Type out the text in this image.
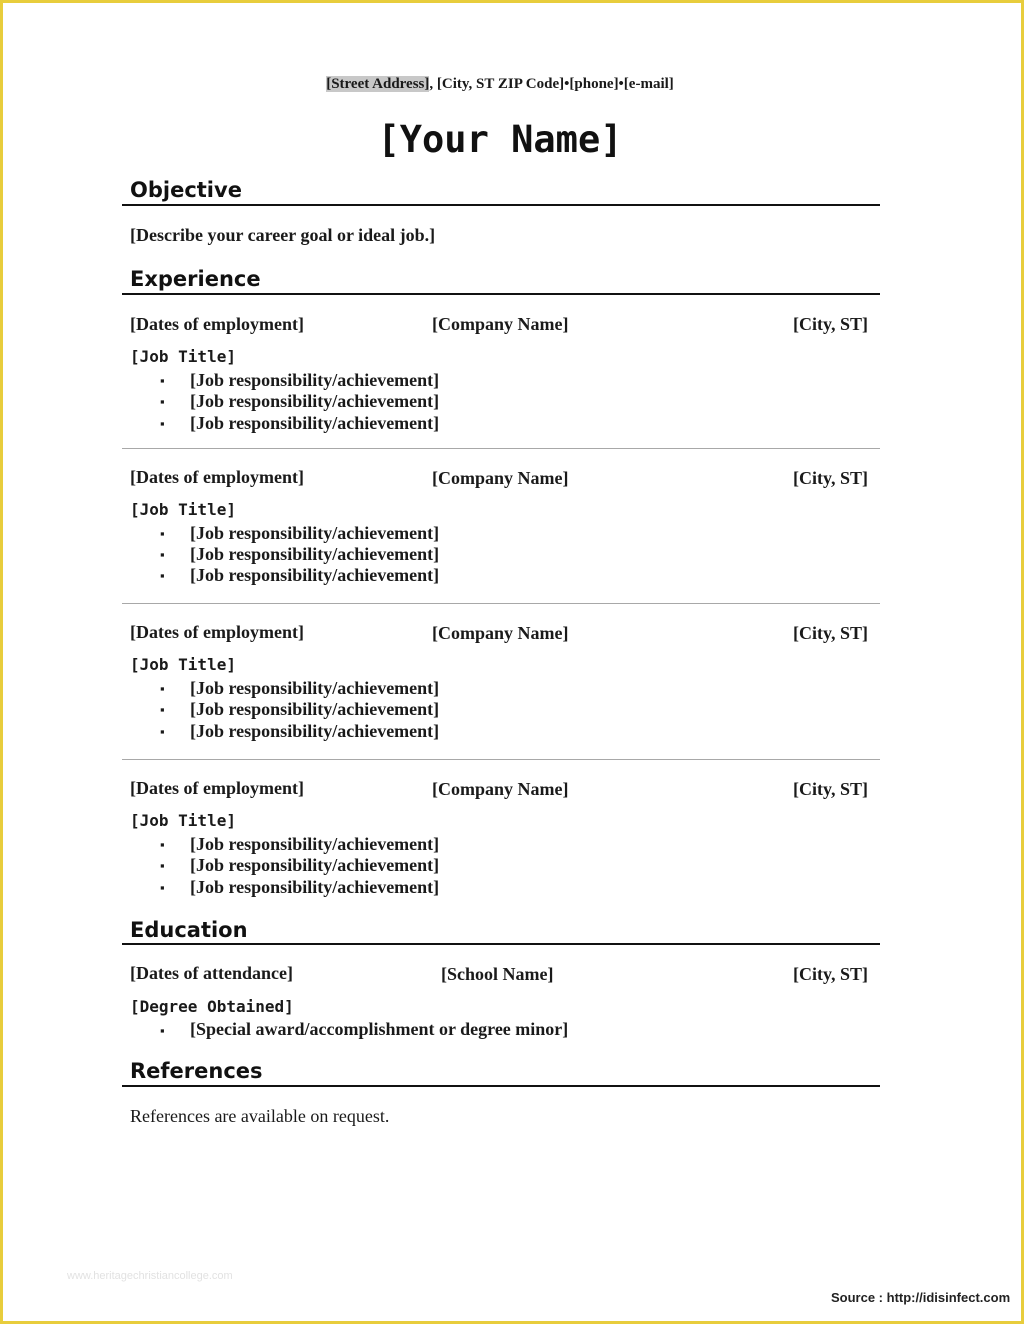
[Street Address], [City, ST ZIP Code]•[phone]•[e-mail]
[Your Name]
Objective
[Describe your career goal or ideal job.]
Experience
[Dates of employment]	[Company Name]	[City, ST]
[Job Title]
▪ [Job responsibility/achievement]
▪ [Job responsibility/achievement]
▪ [Job responsibility/achievement]
[Dates of employment]	[Company Name]	[City, ST]
[Job Title]
▪ [Job responsibility/achievement]
▪ [Job responsibility/achievement]
▪ [Job responsibility/achievement]
[Dates of employment]	[Company Name]	[City, ST]
[Job Title]
▪ [Job responsibility/achievement]
▪ [Job responsibility/achievement]
▪ [Job responsibility/achievement]
[Dates of employment]	[Company Name]	[City, ST]
[Job Title]
▪ [Job responsibility/achievement]
▪ [Job responsibility/achievement]
▪ [Job responsibility/achievement]
Education
[Dates of attendance]	[School Name]	[City, ST]
[Degree Obtained]
▪ [Special award/accomplishment or degree minor]
References
References are available on request.
www.heritagechristiancollege.com
Source : http://idisinfect.com
